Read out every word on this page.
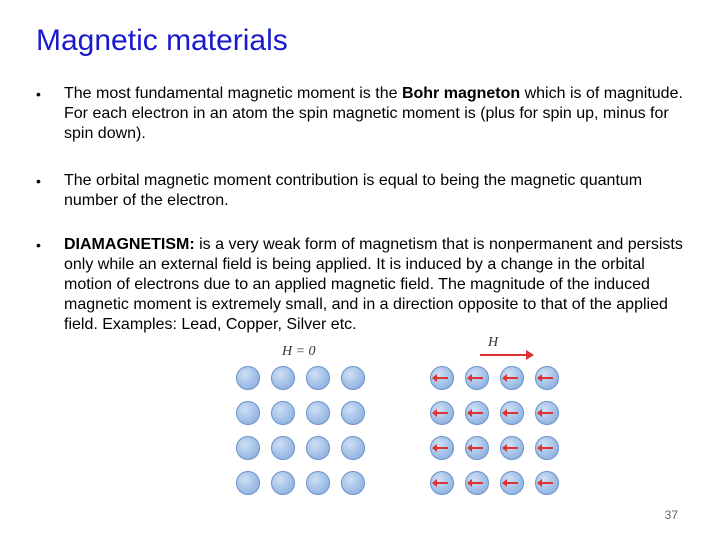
Magnetic materials
•	The most fundamental magnetic moment is the Bohr magneton which is of magnitude. For each electron in an atom the spin magnetic moment is (plus for spin up, minus for spin down).
•	The orbital magnetic moment contribution is equal to being the magnetic quantum number of the electron.
•	DIAMAGNETISM: is a very weak form of magnetism that is nonpermanent and persists only while an external field is being applied. It is induced by a change in the orbital motion of electrons due to an applied magnetic field. The magnitude of the induced magnetic moment is extremely small, and in a direction opposite to that of the applied field. Examples: Lead, Copper, Silver etc.
H = 0
H
37
